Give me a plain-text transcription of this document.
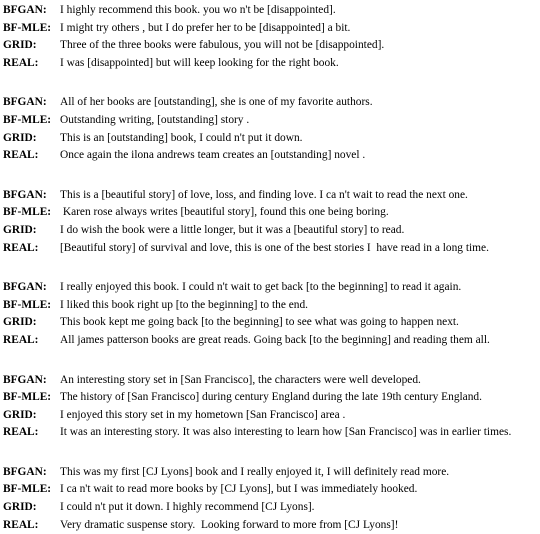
BFGAN:	I highly recommend this book. you wo n't be [disappointed].
BF-MLE: I might try others , but I do prefer her to be [disappointed] a bit.
GRID:	Three of the three books were fabulous, you will not be [disappointed].
REAL:	I was [disappointed] but will keep looking for the right book.
BFGAN:	All of her books are [outstanding], she is one of my favorite authors.
BF-MLE: Outstanding writing, [outstanding] story .
GRID:	This is an [outstanding] book, I could n't put it down.
REAL:	Once again the ilona andrews team creates an [outstanding] novel .
BFGAN:	This is a [beautiful story] of love, loss, and finding love. I ca n't wait to read the next one.
BF-MLE: Karen rose always writes [beautiful story], found this one being boring.
GRID:	I do wish the book were a little longer, but it was a [beautiful story] to read.
REAL:	[Beautiful story] of survival and love, this is one of the best stories I  have read in a long time.
BFGAN:	I really enjoyed this book. I could n't wait to get back [to the beginning] to read it again.
BF-MLE: I liked this book right up [to the beginning] to the end.
GRID:	This book kept me going back [to the beginning] to see what was going to happen next.
REAL:	All james patterson books are great reads. Going back [to the beginning] and reading them all.
BFGAN:	An interesting story set in [San Francisco], the characters were well developed.
BF-MLE: The history of [San Francisco] during century England during the late 19th century England.
GRID:	I enjoyed this story set in my hometown [San Francisco] area .
REAL:	It was an interesting story. It was also interesting to learn how [San Francisco] was in earlier times.
BFGAN:	This was my first [CJ Lyons] book and I really enjoyed it, I will definitely read more.
BF-MLE: I ca n't wait to read more books by [CJ Lyons], but I was immediately hooked.
GRID:	I could n't put it down. I highly recommend [CJ Lyons].
REAL:	Very dramatic suspense story.  Looking forward to more from [CJ Lyons]!
